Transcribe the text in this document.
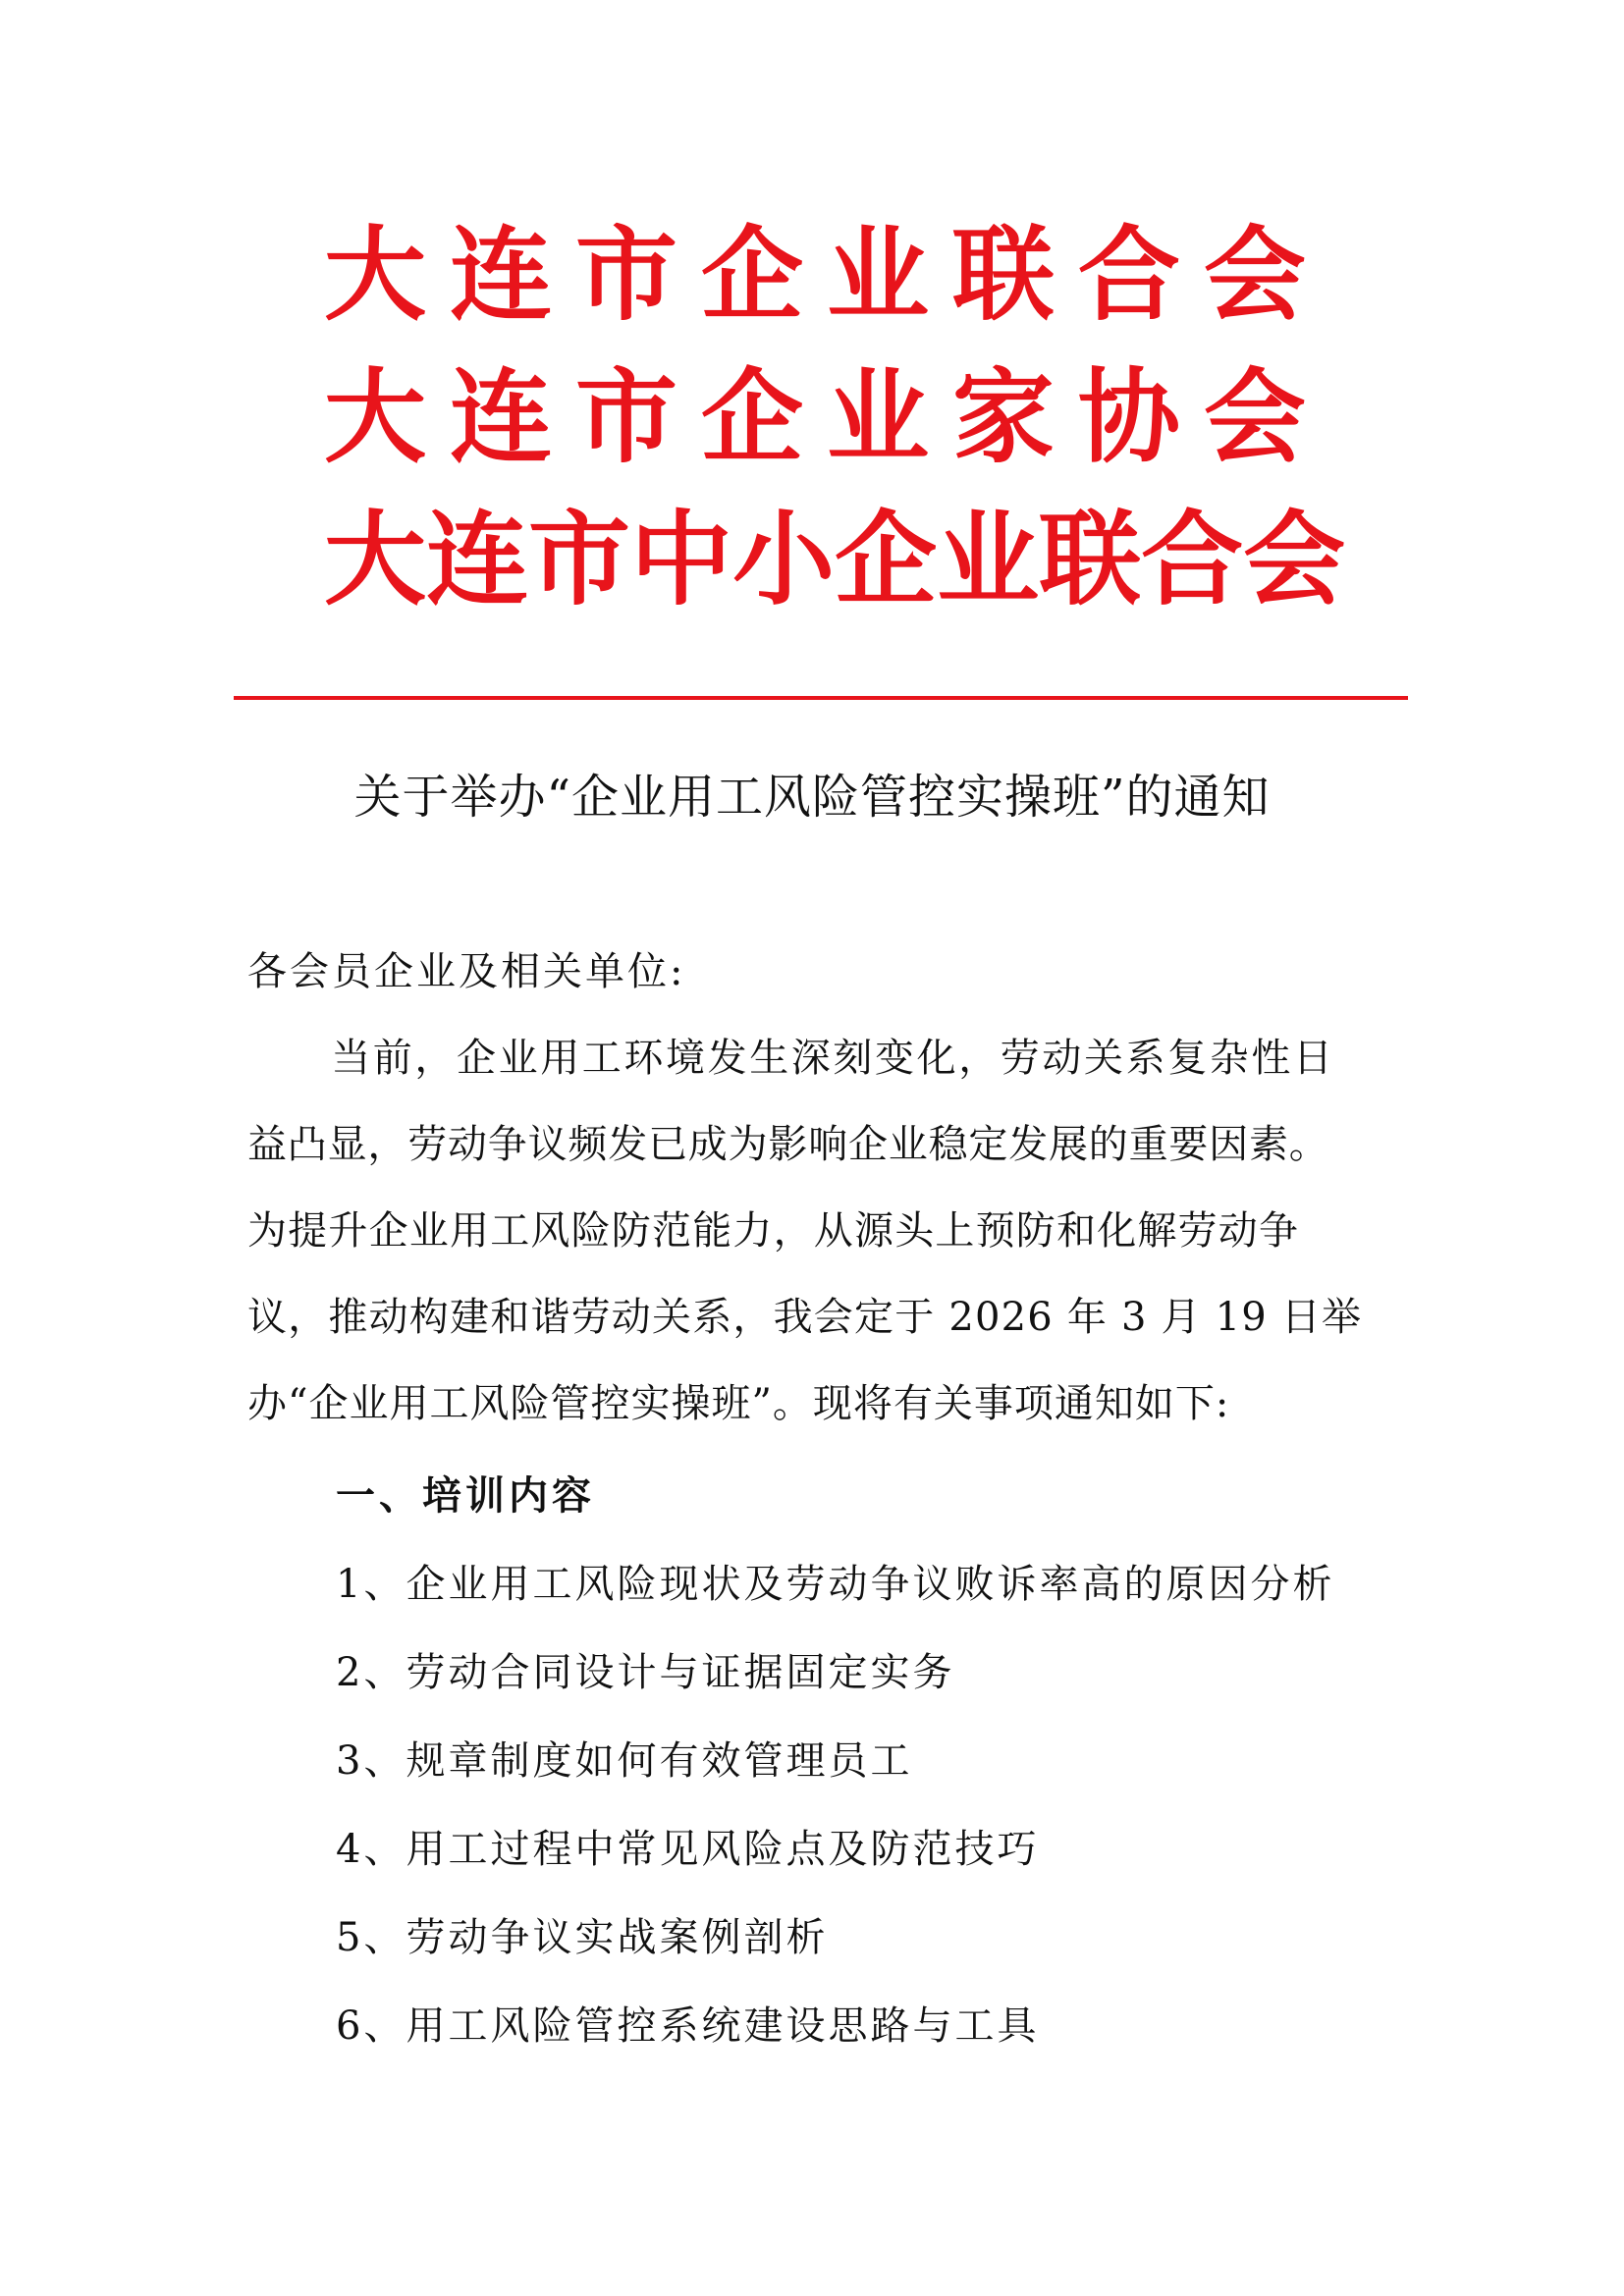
大 连 市 企 业 联 合 会
大 连 市 企 业 家 协 会
大 连 市 中 小 企 业 联 合 会
关于举办“企业用工风险管控实操班”的通知
各会员企业及相关单位:
　　当前，企业用工环境发生深刻变化，劳动关系复杂性日
益凸显，劳动争议频发已成为影响企业稳定发展的重要因素。
为提升企业用工风险防范能力，从源头上预防和化解劳动争
议，推动构建和谐劳动关系，我会定于 2026 年 3 月 19 日举
办“企业用工风险管控实操班”。现将有关事项通知如下:
一、培训内容
1、企业用工风险现状及劳动争议败诉率高的原因分析
2、劳动合同设计与证据固定实务
3、规章制度如何有效管理员工
4、用工过程中常见风险点及防范技巧
5、劳动争议实战案例剖析
6、用工风险管控系统建设思路与工具
